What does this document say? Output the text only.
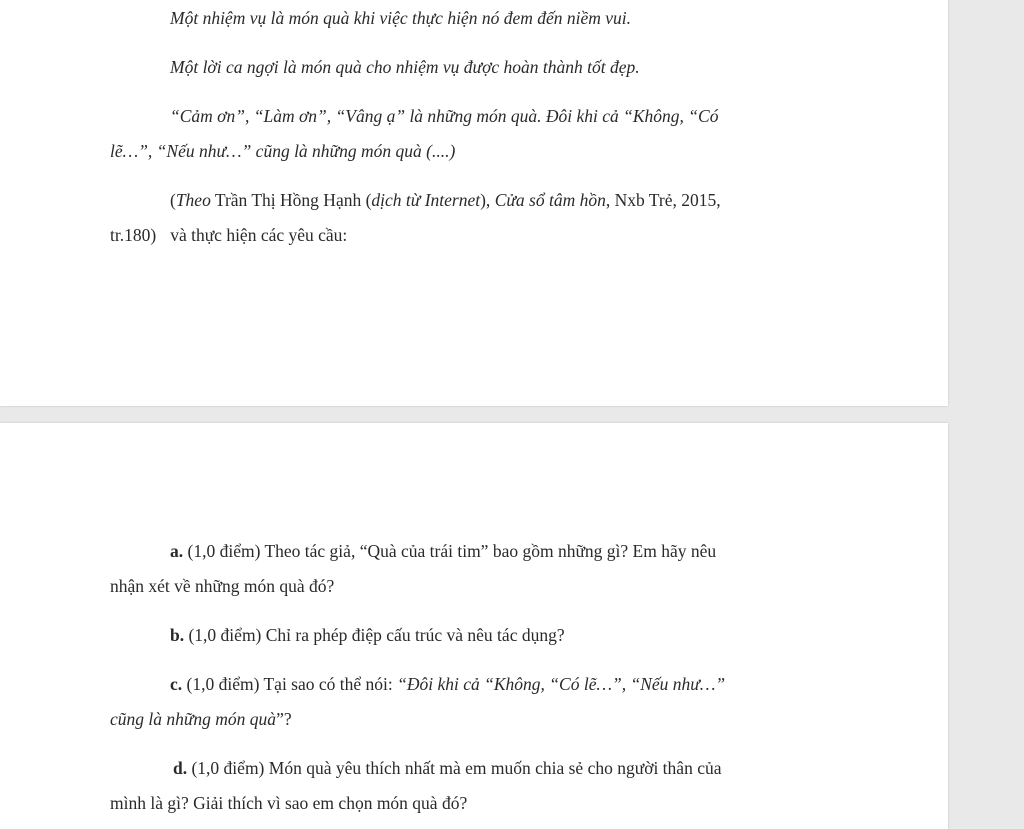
Một nhiệm vụ là món quà khi việc thực hiện nó đem đến niềm vui.
Một lời ca ngợi là món quà cho nhiệm vụ được hoàn thành tốt đẹp.
“Cảm ơn”, “Làm ơn”, “Vâng ạ” là những món quà. Đôi khi cả “Không, “Có
lẽ…”, “Nếu như…” cũng là những món quà (....)
(Theo Trần Thị Hồng Hạnh (dịch từ Internet), Cửa sổ tâm hồn, Nxb Trẻ, 2015,
tr.180) và thực hiện các yêu cầu:
a. (1,0 điểm) Theo tác giả, “Quà của trái tim” bao gồm những gì? Em hãy nêu
nhận xét về những món quà đó?
b. (1,0 điểm) Chỉ ra phép điệp cấu trúc và nêu tác dụng?
c. (1,0 điểm) Tại sao có thể nói: “Đôi khi cả “Không, “Có lẽ…”, “Nếu như…”
cũng là những món quà”?
d. (1,0 điểm) Món quà yêu thích nhất mà em muốn chia sẻ cho người thân của
mình là gì? Giải thích vì sao em chọn món quà đó?
